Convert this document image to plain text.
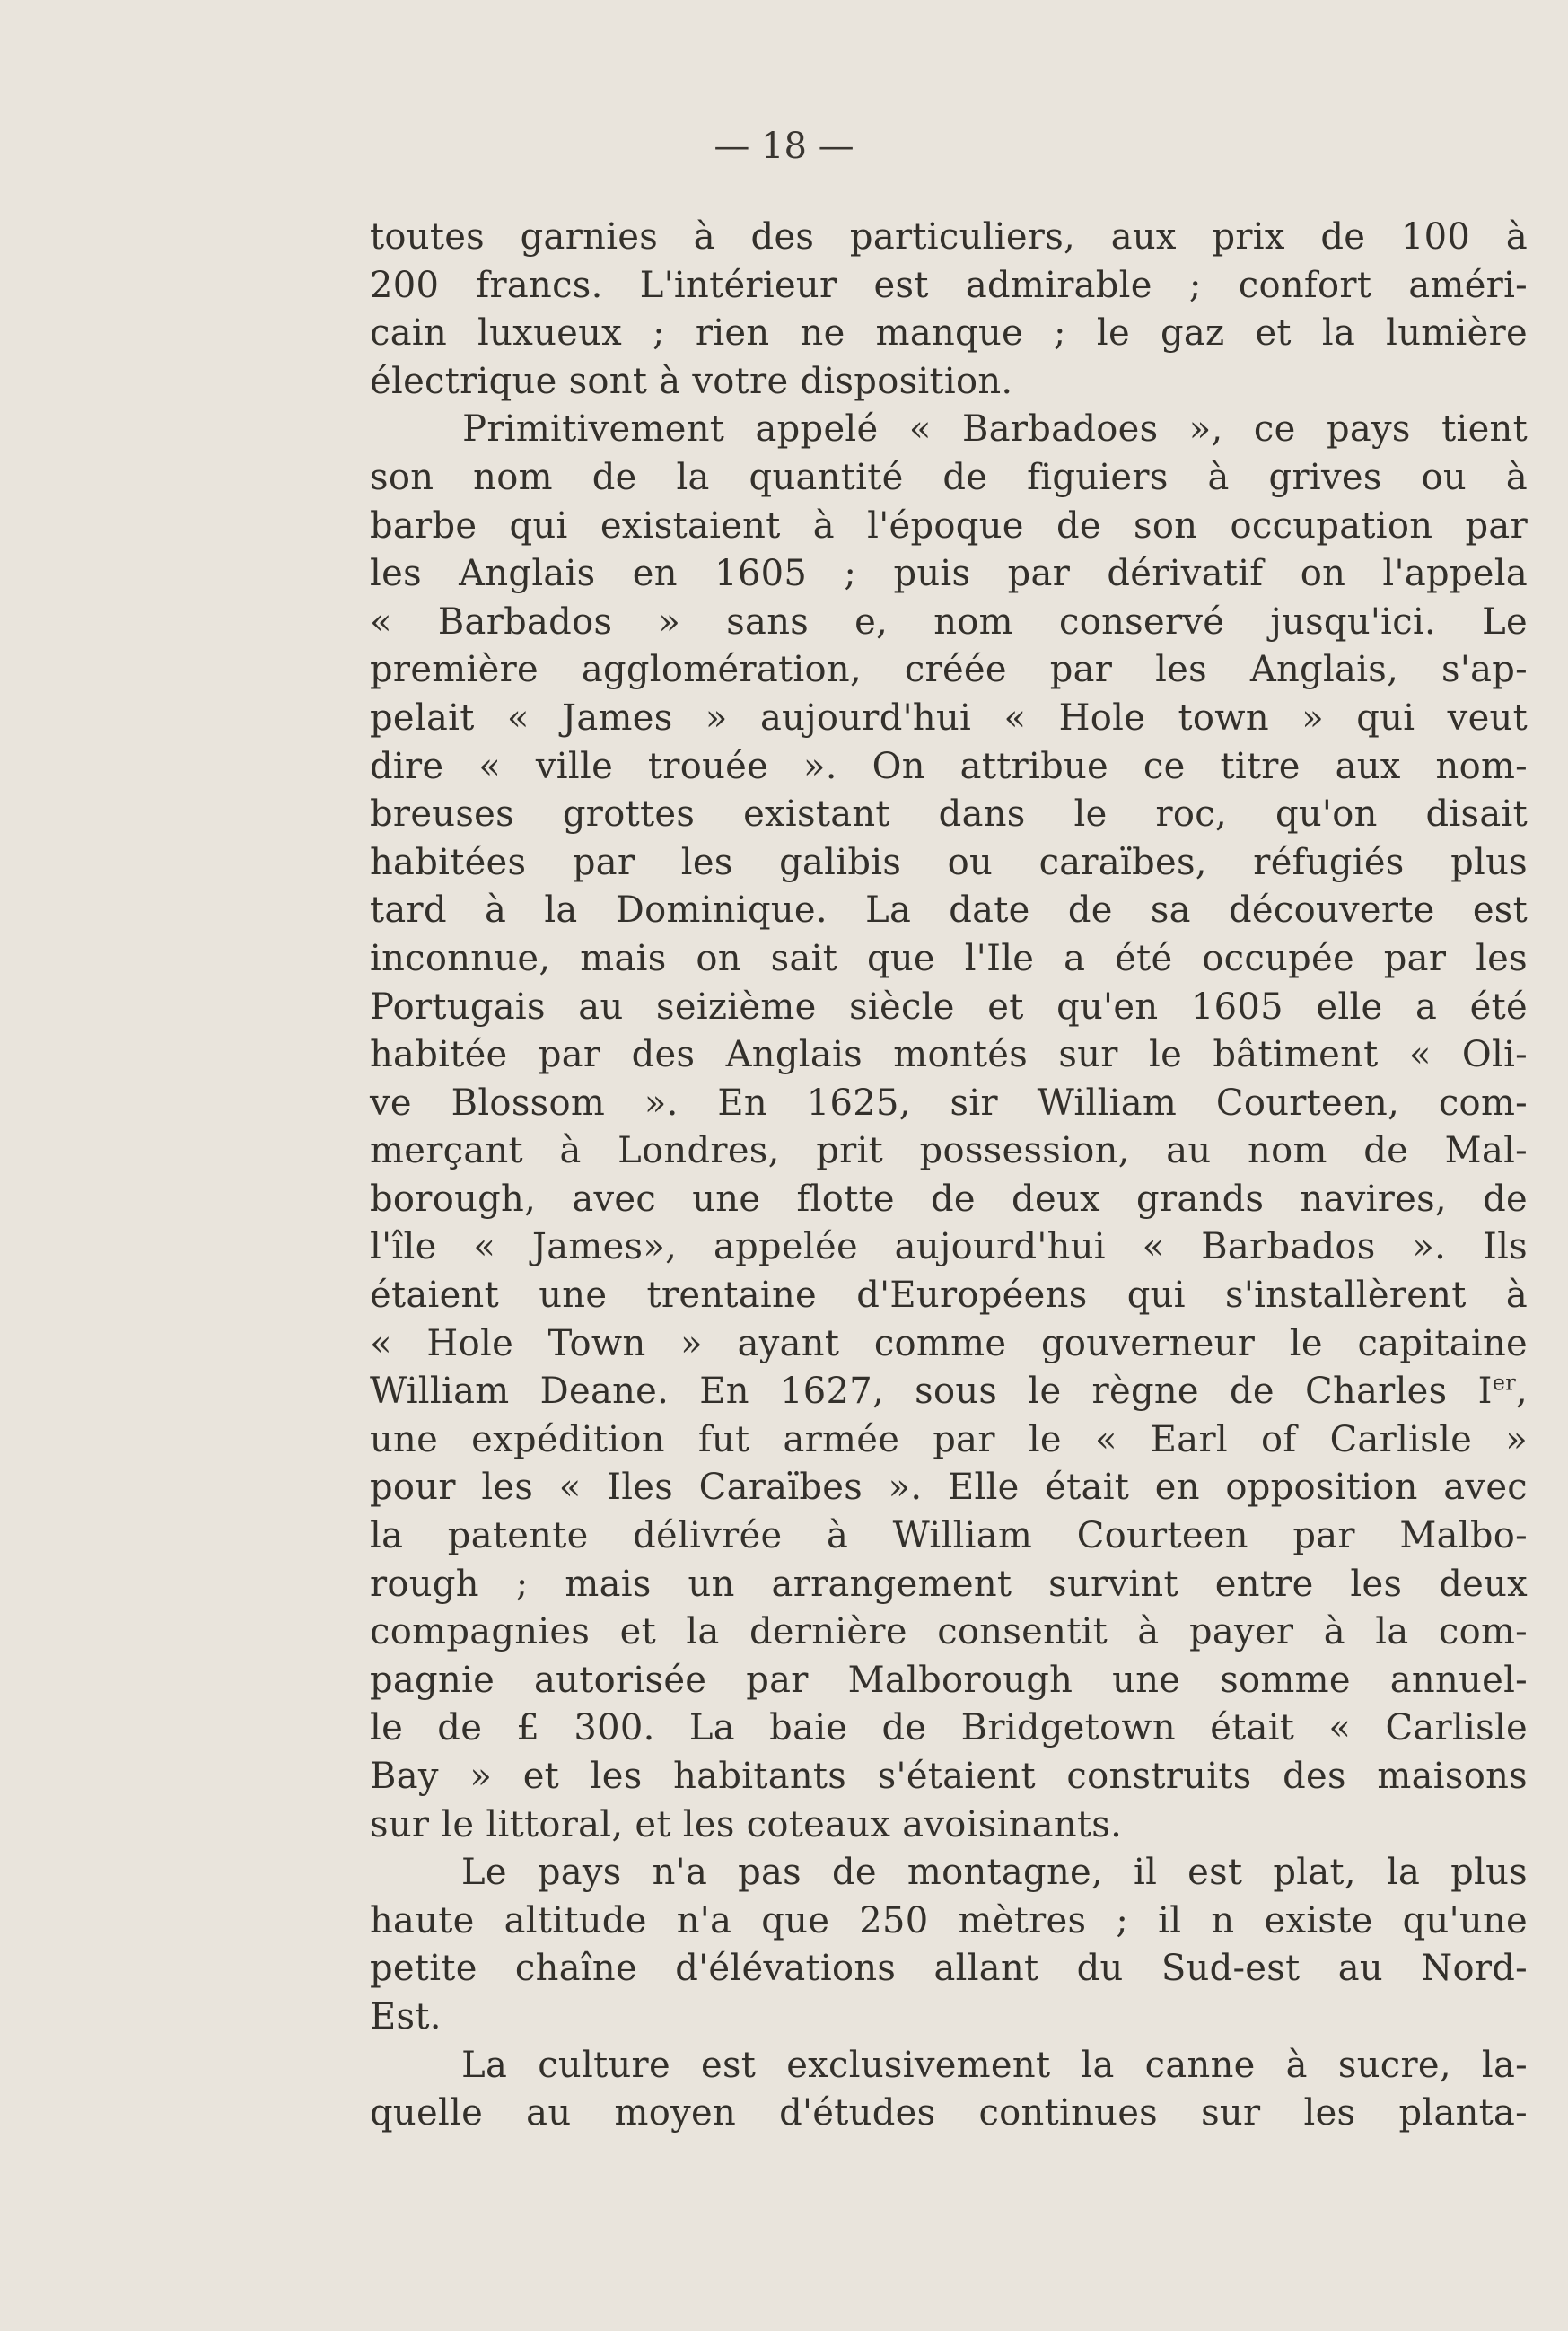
— 18 —
toutes garnies à des particuliers, aux prix de 100 à
200 francs. L'intérieur est admirable ; confort améri-
cain luxueux ; rien ne manque ; le gaz et la lumière
électrique sont à votre disposition.
Primitivement appelé « Barbadoes », ce pays tient
son nom de la quantité de figuiers à grives ou à
barbe qui existaient à l'époque de son occupation par
les Anglais en 1605 ; puis par dérivatif on l'appela
« Barbados » sans e, nom conservé jusqu'ici. Le
première agglomération, créée par les Anglais, s'ap-
pelait « James » aujourd'hui « Hole town » qui veut
dire « ville trouée ». On attribue ce titre aux nom-
breuses grottes existant dans le roc, qu'on disait
habitées par les galibis ou caraïbes, réfugiés plus
tard à la Dominique. La date de sa découverte est
inconnue, mais on sait que l'Ile a été occupée par les
Portugais au seizième siècle et qu'en 1605 elle a été
habitée par des Anglais montés sur le bâtiment « Oli-
ve Blossom ». En 1625, sir William Courteen, com-
merçant à Londres, prit possession, au nom de Mal-
borough, avec une flotte de deux grands navires, de
l'île « James», appelée aujourd'hui « Barbados ». Ils
étaient une trentaine d'Européens qui s'installèrent à
« Hole Town » ayant comme gouverneur le capitaine
William Deane. En 1627, sous le règne de Charles Ier,
une expédition fut armée par le « Earl of Carlisle »
pour les « Iles Caraïbes ». Elle était en opposition avec
la patente délivrée à William Courteen par Malbo-
rough ; mais un arrangement survint entre les deux
compagnies et la dernière consentit à payer à la com-
pagnie autorisée par Malborough une somme annuel-
le de £ 300. La baie de Bridgetown était « Carlisle
Bay » et les habitants s'étaient construits des maisons
sur le littoral, et les coteaux avoisinants.
Le pays n'a pas de montagne, il est plat, la plus
haute altitude n'a que 250 mètres ; il n existe qu'une
petite chaîne d'élévations allant du Sud-est au Nord-
Est.
La culture est exclusivement la canne à sucre, la-
quelle au moyen d'études continues sur les planta-
